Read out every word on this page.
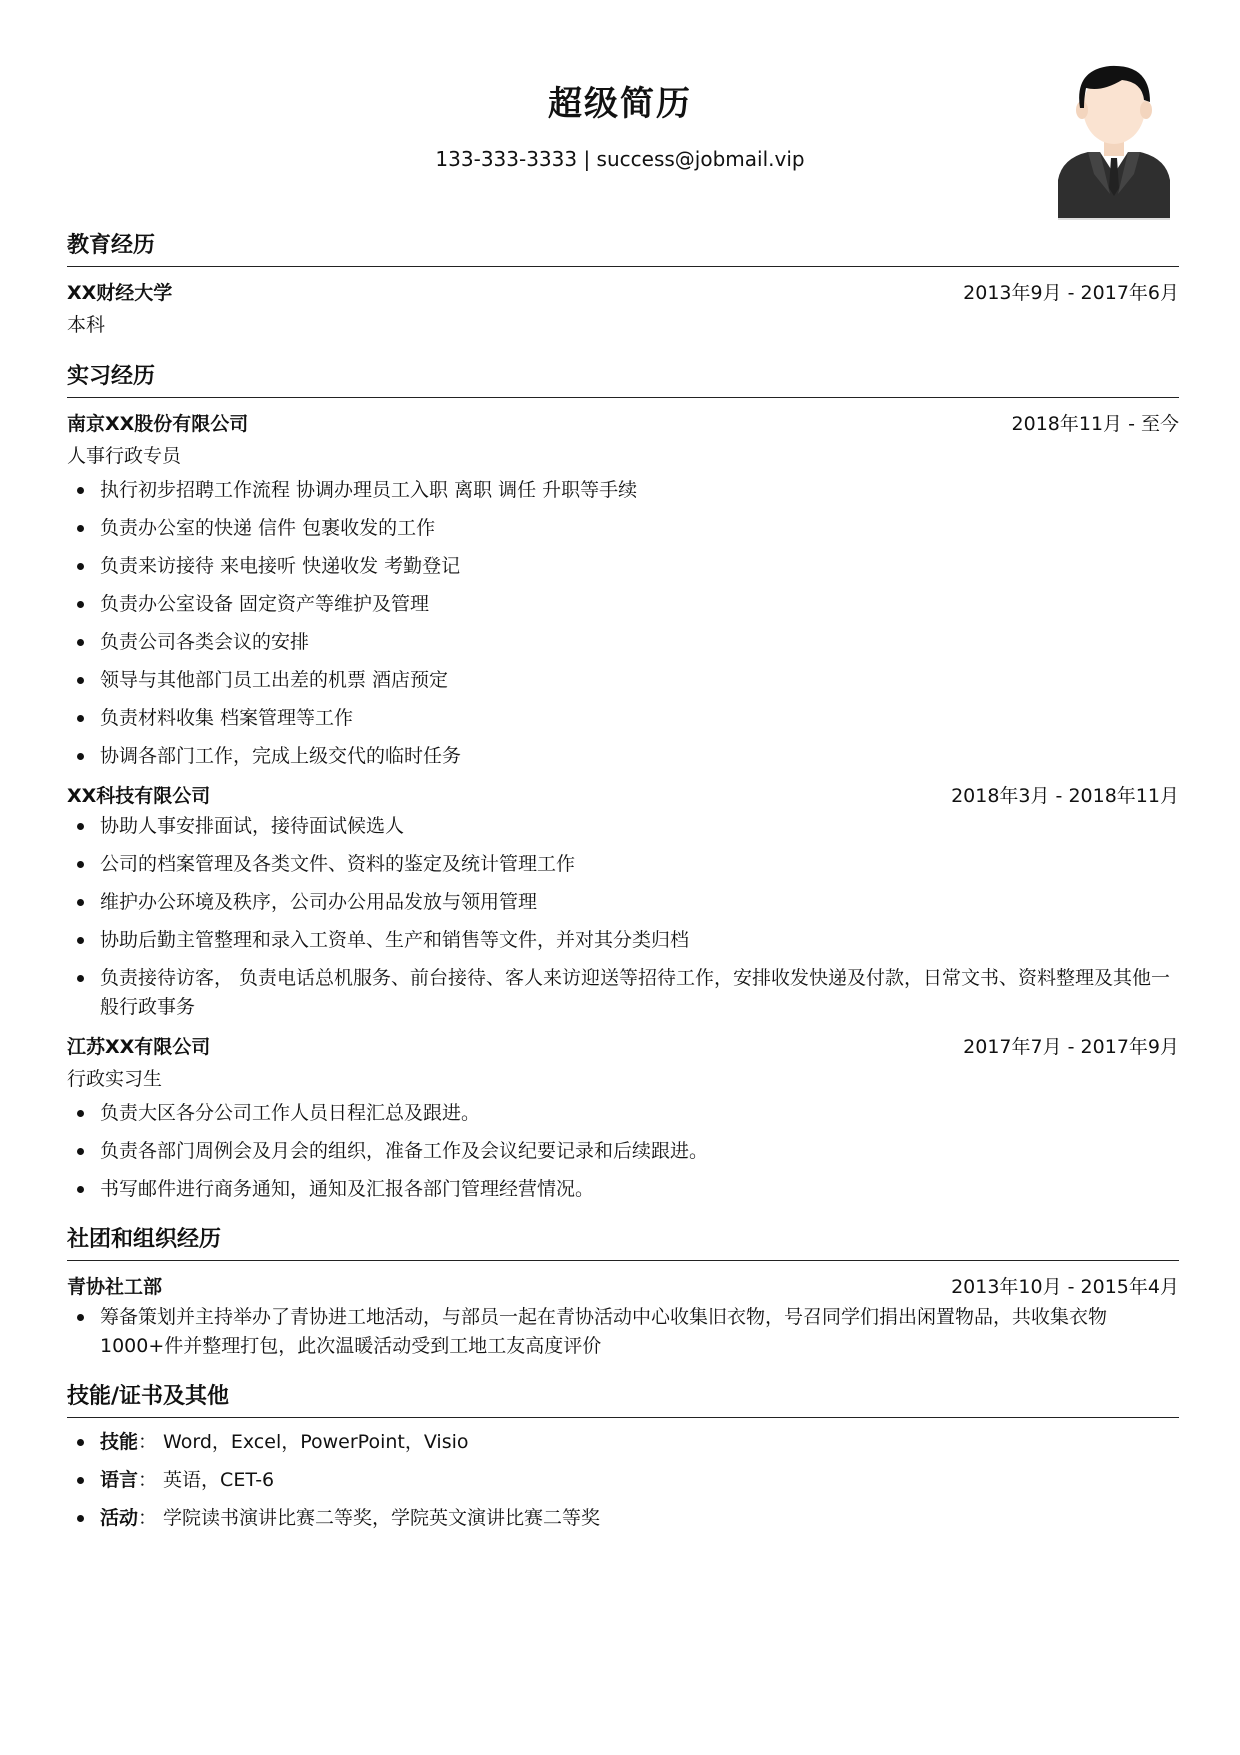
超级简历
133-333-3333 | success@jobmail.vip
教育经历
XX财经大学	2013年9月 - 2017年6月
本科
实习经历
南京XX股份有限公司	2018年11月 - 至今
人事行政专员
执行初步招聘工作流程 协调办理员工入职 离职 调任 升职等手续
负责办公室的快递 信件 包裹收发的工作
负责来访接待 来电接听 快递收发 考勤登记
负责办公室设备 固定资产等维护及管理
负责公司各类会议的安排
领导与其他部门员工出差的机票 酒店预定
负责材料收集 档案管理等工作
协调各部门工作，完成上级交代的临时任务
XX科技有限公司	2018年3月 - 2018年11月
协助人事安排面试，接待面试候选人
公司的档案管理及各类文件、资料的鉴定及统计管理工作
维护办公环境及秩序，公司办公用品发放与领用管理
协助后勤主管整理和录入工资单、生产和销售等文件，并对其分类归档
负责接待访客， 负责电话总机服务、前台接待、客人来访迎送等招待工作，安排收发快递及付款，日常文书、资料整理及其他一般行政事务
江苏XX有限公司	2017年7月 - 2017年9月
行政实习生
负责大区各分公司工作人员日程汇总及跟进。
负责各部门周例会及月会的组织，准备工作及会议纪要记录和后续跟进。
书写邮件进行商务通知，通知及汇报各部门管理经营情况。
社团和组织经历
青协社工部	2013年10月 - 2015年4月
筹备策划并主持举办了青协进工地活动，与部员一起在青协活动中心收集旧衣物，号召同学们捐出闲置物品，共收集衣物1000+件并整理打包，此次温暖活动受到工地工友高度评价
技能/证书及其他
技能： Word，Excel，PowerPoint，Visio
语言： 英语，CET-6
活动： 学院读书演讲比赛二等奖，学院英文演讲比赛二等奖
